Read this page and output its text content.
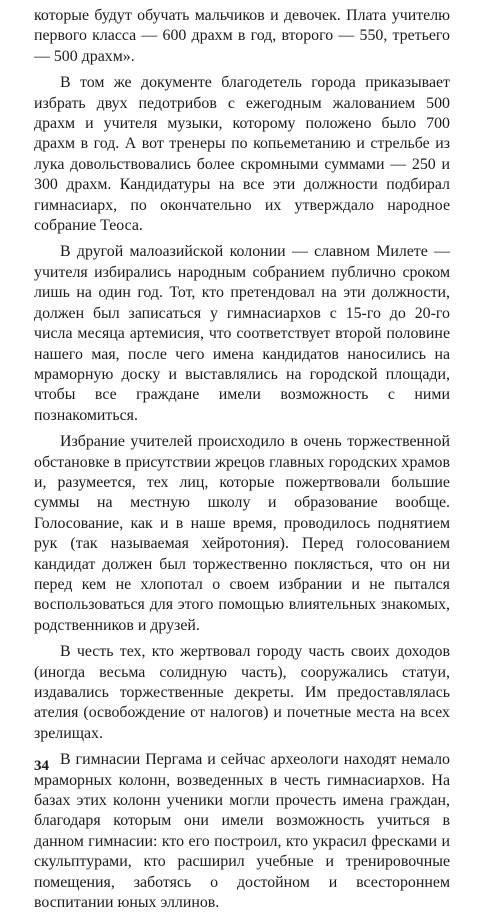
которые будут обучать мальчиков и девочек. Плата учителю первого класса — 600 драхм в год, второго — 550, третьего — 500 драхм».

В том же документе благодетель города приказывает избрать двух педотрибов с ежегодным жалованием 500 драхм и учителя музыки, которому положено было 700 драхм в год. А вот тренеры по копьеметанию и стрельбе из лука довольствовались более скромными суммами — 250 и 300 драхм. Кандидатуры на все эти должности подбирал гимнасиарх, по окончательно их утверждало народное собрание Теоса.

В другой малоазийской колонии — славном Милете — учителя избирались народным собранием публично сроком лишь на один год. Тот, кто претендовал на эти должности, должен был записаться у гимнасиархов с 15-го до 20-го числа месяца артемисия, что соответствует второй половине нашего мая, после чего имена кандидатов наносились на мраморную доску и выставлялись на городской площади, чтобы все граждане имели возможность с ними познакомиться.

Избрание учителей происходило в очень торжественной обстановке в присутствии жрецов главных городских храмов и, разумеется, тех лиц, которые пожертвовали большие суммы на местную школу и образование вообще. Голосование, как и в наше время, проводилось поднятием рук (так называемая хейротония). Перед голосованием кандидат должен был торжественно поклясться, что он ни перед кем не хлопотал о своем избрании и не пытался воспользоваться для этого помощью влиятельных знакомых, родственников и друзей.

В честь тех, кто жертвовал городу часть своих доходов (иногда весьма солидную часть), сооружались статуи, издавались торжественные декреты. Им предоставлялась ателия (освобождение от налогов) и почетные места на всех зрелищах.

В гимнасии Пергама и сейчас археологи находят немало мраморных колонн, возведенных в честь гимнасиархов. На базах этих колонн ученики могли прочесть имена граждан, благодаря которым они имели возможность учиться в данном гимнасии: кто его построил, кто украсил фресками и скульптурами, кто расширил учебные и тренировочные помещения, заботясь о достойном и всестороннем воспитании юных эллинов.

34
